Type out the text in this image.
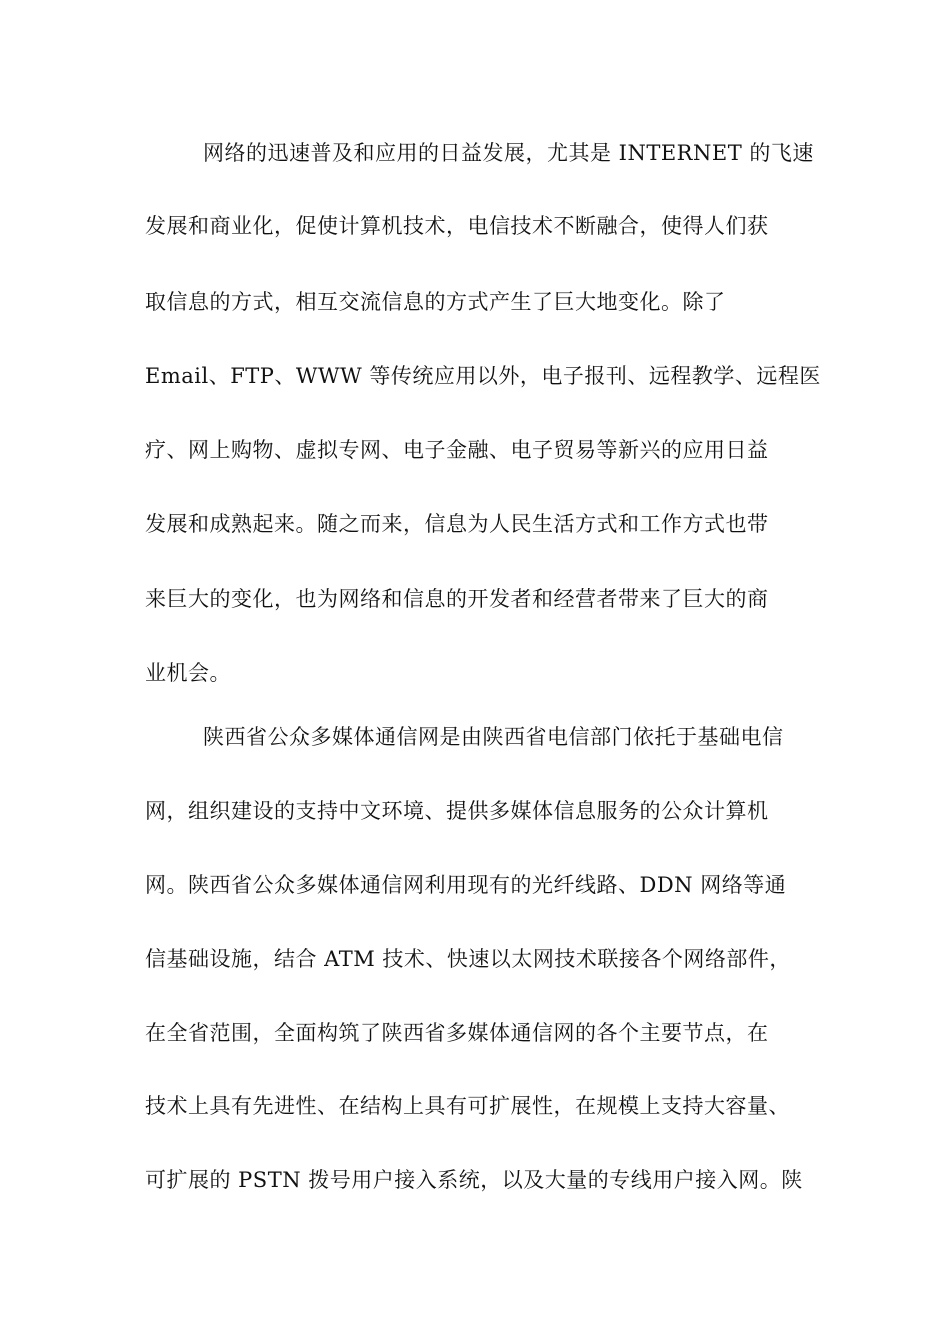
网络的迅速普及和应用的日益发展，尤其是 INTERNET 的飞速
发展和商业化，促使计算机技术，电信技术不断融合，使得人们获
取信息的方式，相互交流信息的方式产生了巨大地变化。除了
Email、FTP、WWW 等传统应用以外，电子报刊、远程教学、远程医
疗、网上购物、虚拟专网、电子金融、电子贸易等新兴的应用日益
发展和成熟起来。随之而来，信息为人民生活方式和工作方式也带
来巨大的变化，也为网络和信息的开发者和经营者带来了巨大的商
业机会。
陕西省公众多媒体通信网是由陕西省电信部门依托于基础电信
网，组织建设的支持中文环境、提供多媒体信息服务的公众计算机
网。陕西省公众多媒体通信网利用现有的光纤线路、DDN 网络等通
信基础设施，结合 ATM 技术、快速以太网技术联接各个网络部件，
在全省范围，全面构筑了陕西省多媒体通信网的各个主要节点，在
技术上具有先进性、在结构上具有可扩展性，在规模上支持大容量、
可扩展的 PSTN 拨号用户接入系统，以及大量的专线用户接入网。陕
